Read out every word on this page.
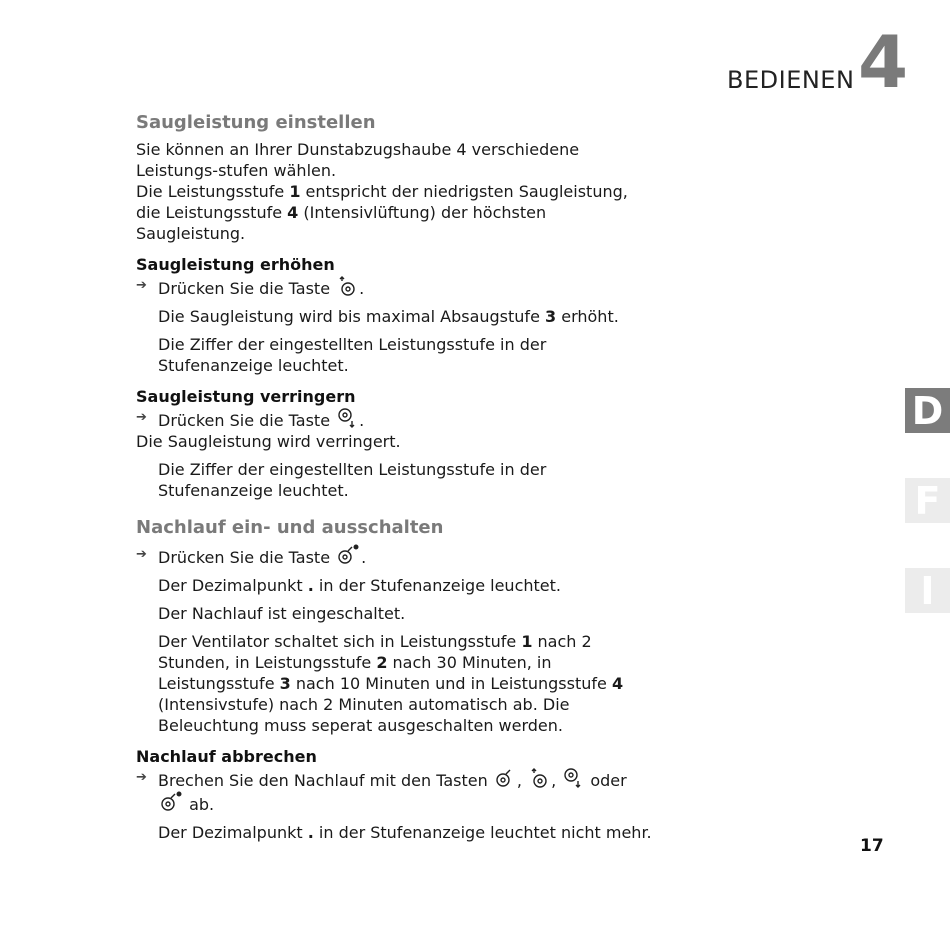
BEDIENEN 4
D
F
I
Saugleistung einstellen

Sie können an Ihrer Dunstabzugshaube 4 verschiedene Leistungs-stufen wählen.

Die Leistungsstufe 1 entspricht der niedrigsten Saugleistung, die Leistungsstufe 4 (Intensivlüftung) der höchsten Saugleistung.

Saugleistung erhöhen
➔ Drücken Sie die Taste .

Die Saugleistung wird bis maximal Absaugstufe 3 erhöht.

Die Ziffer der eingestellten Leistungsstufe in der Stufenanzeige leuchtet.

Saugleistung verringern
➔ Drücken Sie die Taste .

Die Saugleistung wird verringert.

Die Ziffer der eingestellten Leistungsstufe in der Stufenanzeige leuchtet.

Nachlauf ein- und ausschalten
➔ Drücken Sie die Taste .

Der Dezimalpunkt . in der Stufenanzeige leuchtet.

Der Nachlauf ist eingeschaltet.

Der Ventilator schaltet sich in Leistungsstufe 1 nach 2 Stunden, in Leistungsstufe 2 nach 30 Minuten, in Leistungsstufe 3 nach 10 Minuten und in Leistungsstufe 4 (Intensivstufe) nach 2 Minuten automatisch ab. Die Beleuchtung muss seperat ausgeschalten werden.

Nachlauf abbrechen
➔ Brechen Sie den Nachlauf mit den Tasten , , oder  ab.

Der Dezimalpunkt . in der Stufenanzeige leuchtet nicht mehr.

17
